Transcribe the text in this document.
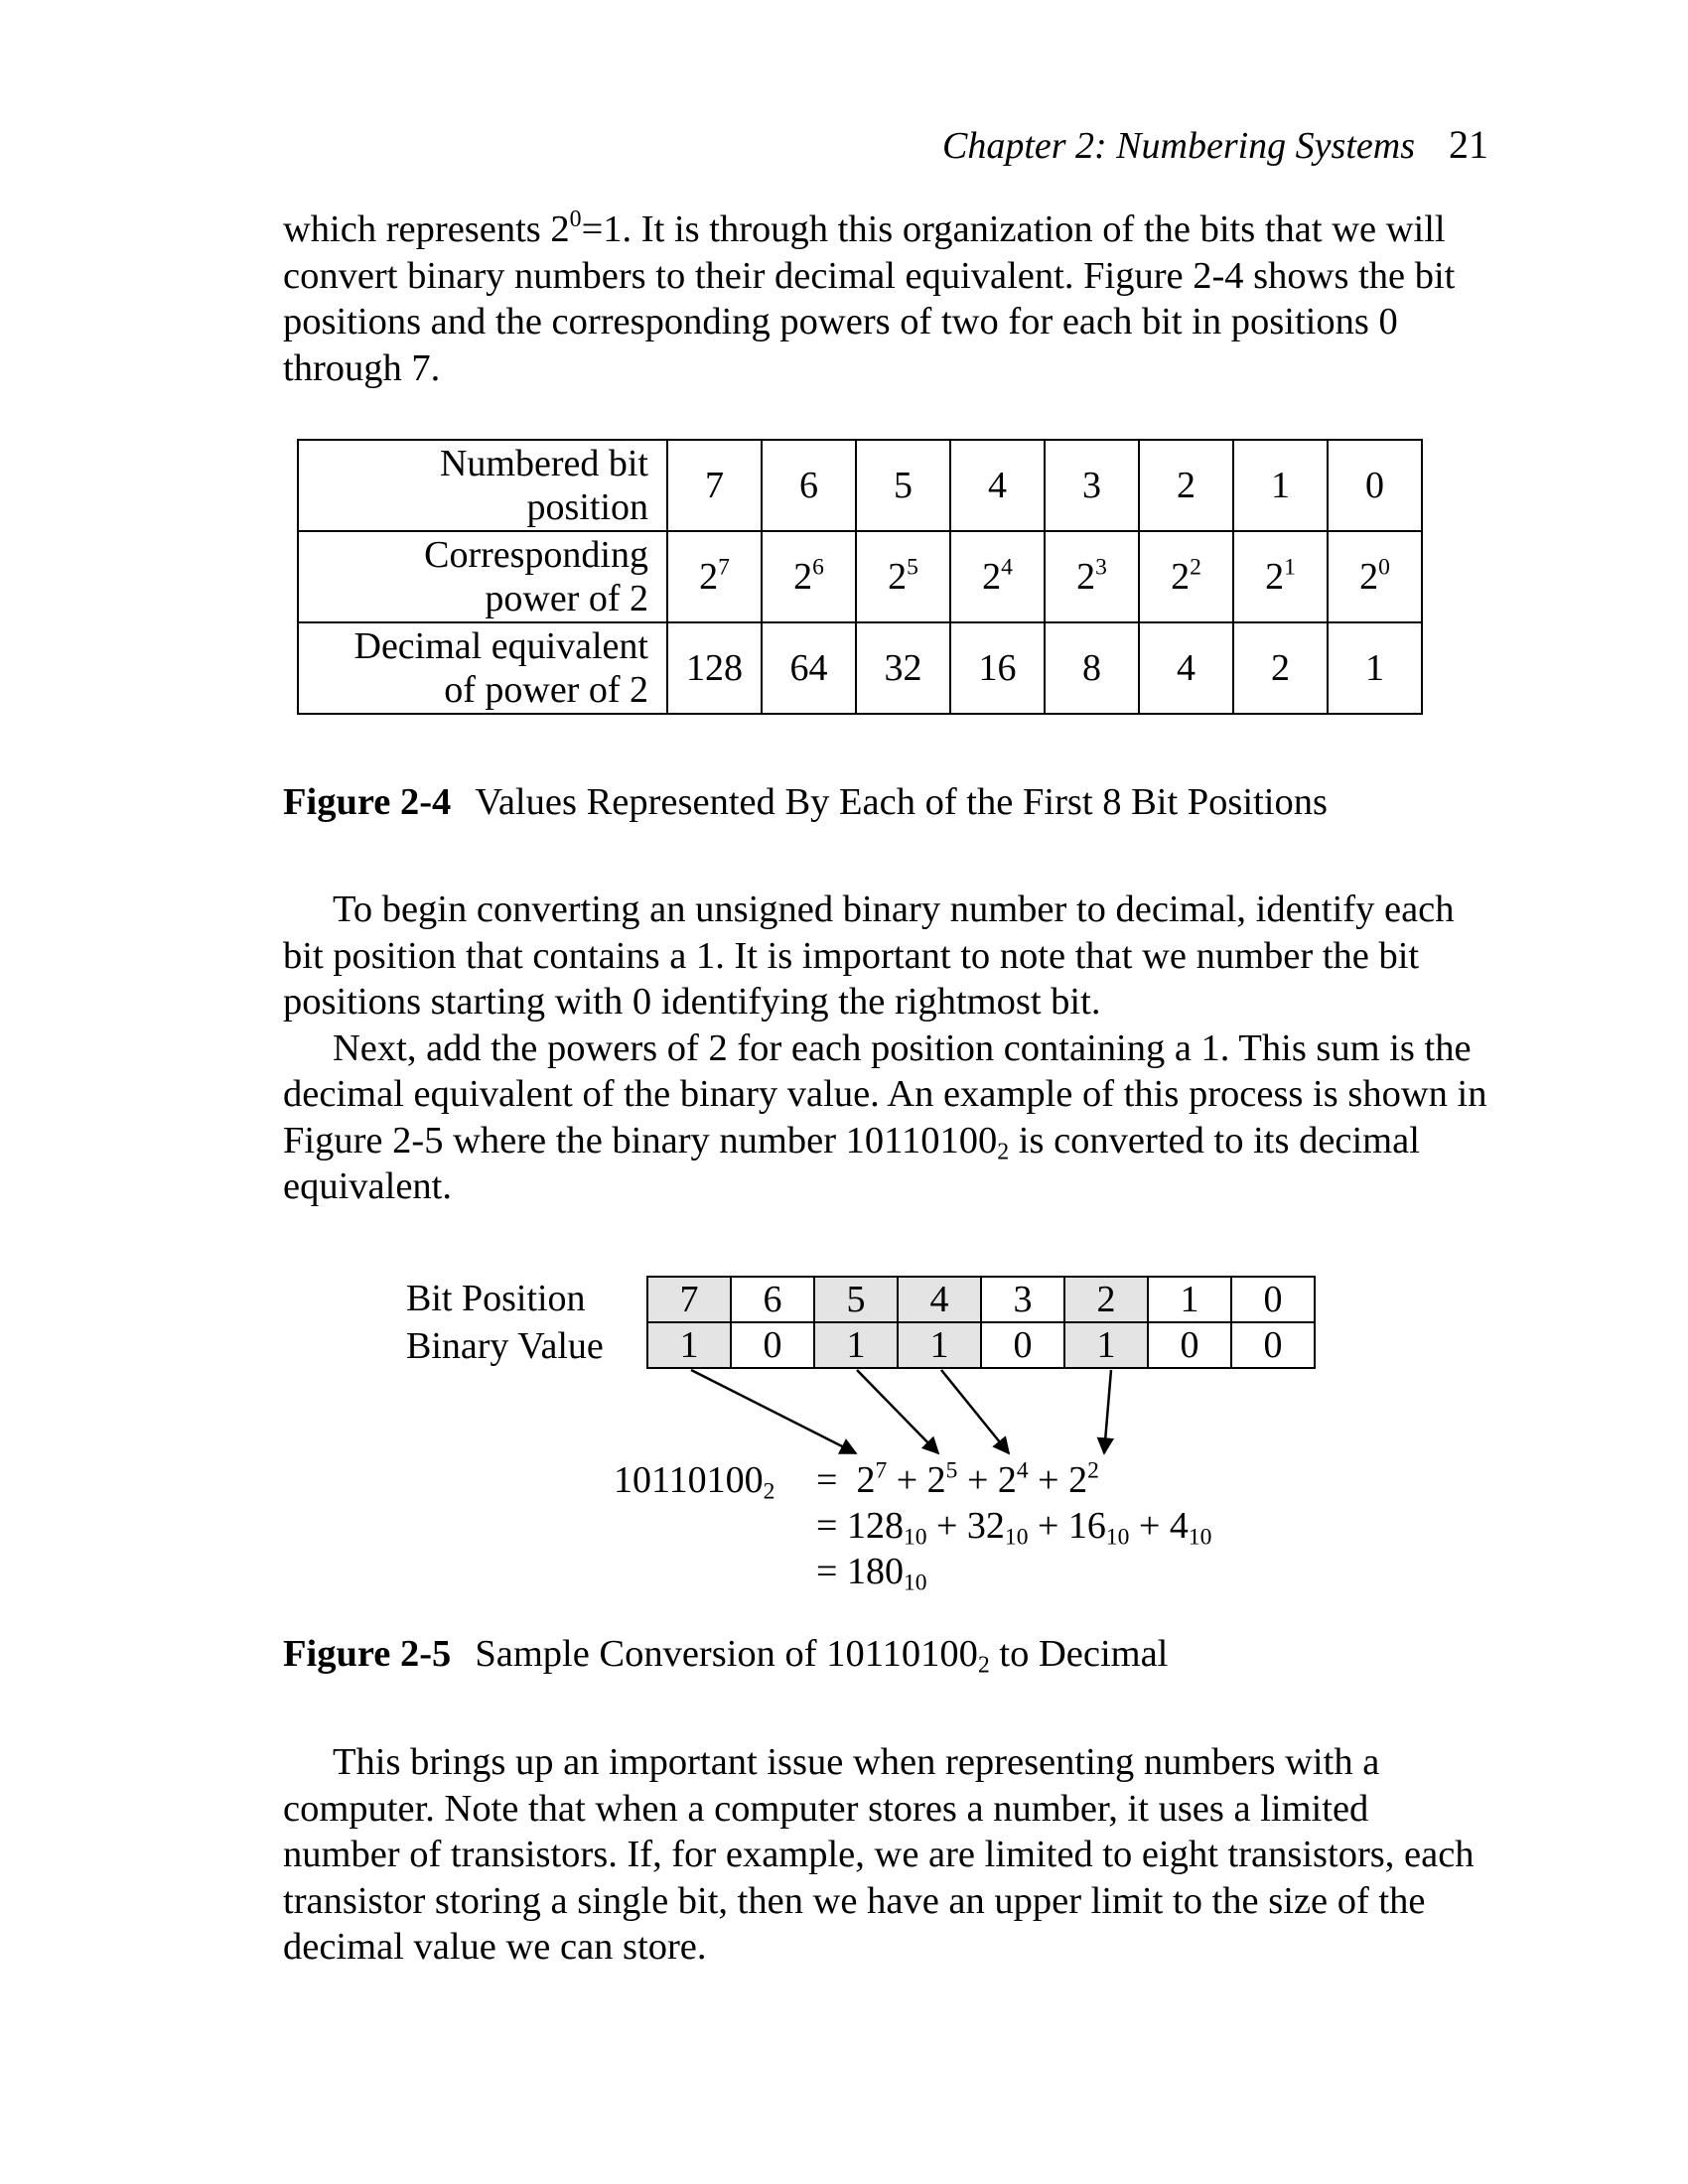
Chapter 2: Numbering Systems 21

which represents $2^0=1$. It is through this organization of the bits that we will convert binary numbers to their decimal equivalent. Figure 2-4 shows the bit positions and the corresponding powers of two for each bit in positions 0 through 7.

Numbered bit
position	7	6	5	4	3	2	1	0
Corresponding
power of 2	$2^7$	$2^6$	$2^5$	$2^4$	$2^3$	$2^2$	$2^1$	$2^0$
Decimal equivalent
of power of 2	128	64	32	16	8	4	2	1
Figure 2-4 Values Represented By Each of the First 8 Bit Positions

To begin converting an unsigned binary number to decimal, identify each bit position that contains a 1. It is important to note that we number the bit positions starting with 0 identifying the rightmost bit.
Next, add the powers of 2 for each position containing a 1. This sum is the decimal equivalent of the binary value. An example of this process is shown in Figure 2-5 where the binary number $10110100_2$ is converted to its decimal equivalent.

Bit Position
Binary Value
7	6	5	4	3	2	1	0
1	0	1	1	0	1	0	0
$10110100_2 = 2^7 + 2^5 + 2^4 + 2^2$
= $128_{10} + 32_{10} + 16_{10} + 4_{10}$
= $180_{10}$
Figure 2-5 Sample Conversion of $10110100_2$ to Decimal

This brings up an important issue when representing numbers with a computer. Note that when a computer stores a number, it uses a limited number of transistors. If, for example, we are limited to eight transistors, each transistor storing a single bit, then we have an upper limit to the size of the decimal value we can store.
